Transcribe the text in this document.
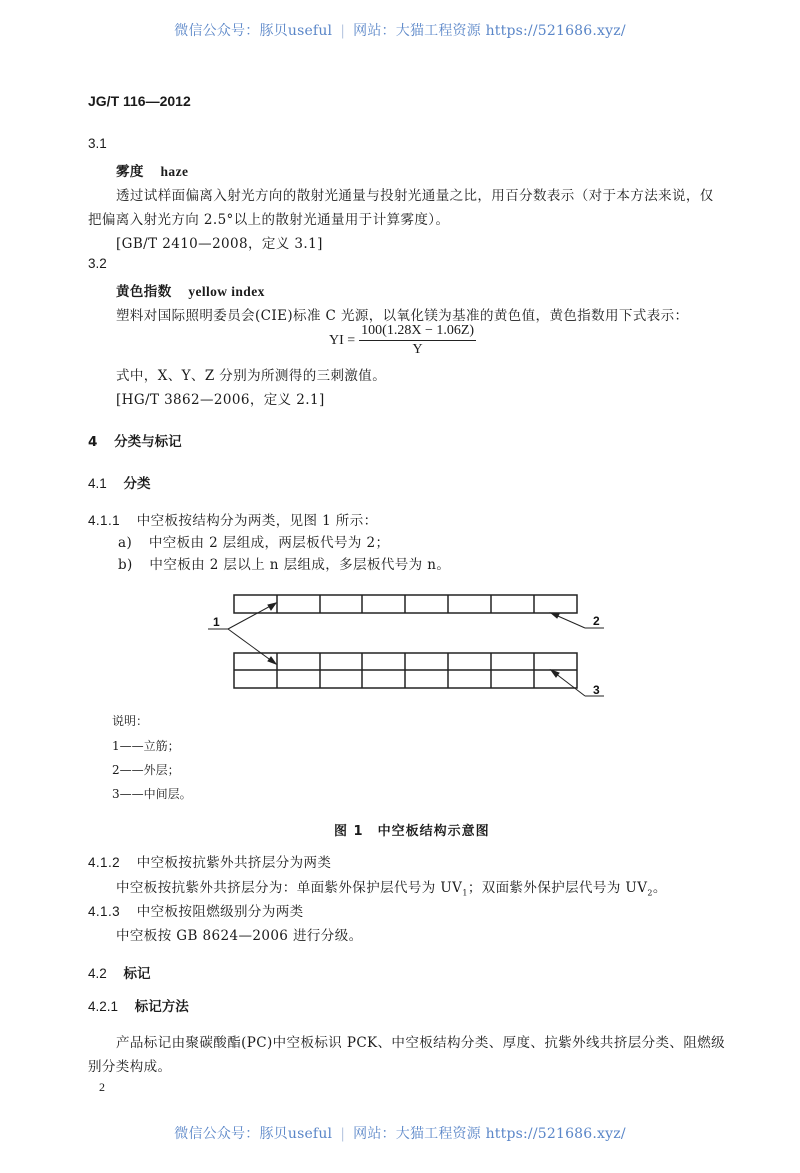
微信公众号：豚贝useful | 网站：大猫工程资源 https://521686.xyz/
JG/T 116—2012
3.1
雾度 haze
透过试样面偏离入射光方向的散射光通量与投射光通量之比，用百分数表示（对于本方法来说，仅
把偏离入射光方向 2.5°以上的散射光通量用于计算雾度）。
[GB/T 2410—2008，定义 3.1]
3.2
黄色指数 yellow index
塑料对国际照明委员会(CIE)标准 C 光源，以氧化镁为基准的黄色值，黄色指数用下式表示：
YI = $\frac{100(1.28X - 1.06Z)}{Y}$
式中，X、Y、Z 分别为所测得的三刺激值。
[HG/T 3862—2006，定义 2.1]
4 分类与标记
4.1 分类
4.1.1 中空板按结构分为两类，见图 1 所示：
a) 中空板由 2 层组成，两层板代号为 2；
b) 中空板由 2 层以上 n 层组成，多层板代号为 n。
1	2
3
说明：
1——立筋；
2——外层；
3——中间层。
图 1　中空板结构示意图
4.1.2 中空板按抗紫外共挤层分为两类
中空板按抗紫外共挤层分为：单面紫外保护层代号为 $UV_1$；双面紫外保护层代号为 $UV_2$。
4.1.3 中空板按阻燃级别分为两类
中空板按 GB 8624—2006 进行分级。
4.2 标记
4.2.1 标记方法
产品标记由聚碳酸酯(PC)中空板标识 PCK、中空板结构分类、厚度、抗紫外线共挤层分类、阻燃级
别分类构成。
2
微信公众号：豚贝useful | 网站：大猫工程资源 https://521686.xyz/
